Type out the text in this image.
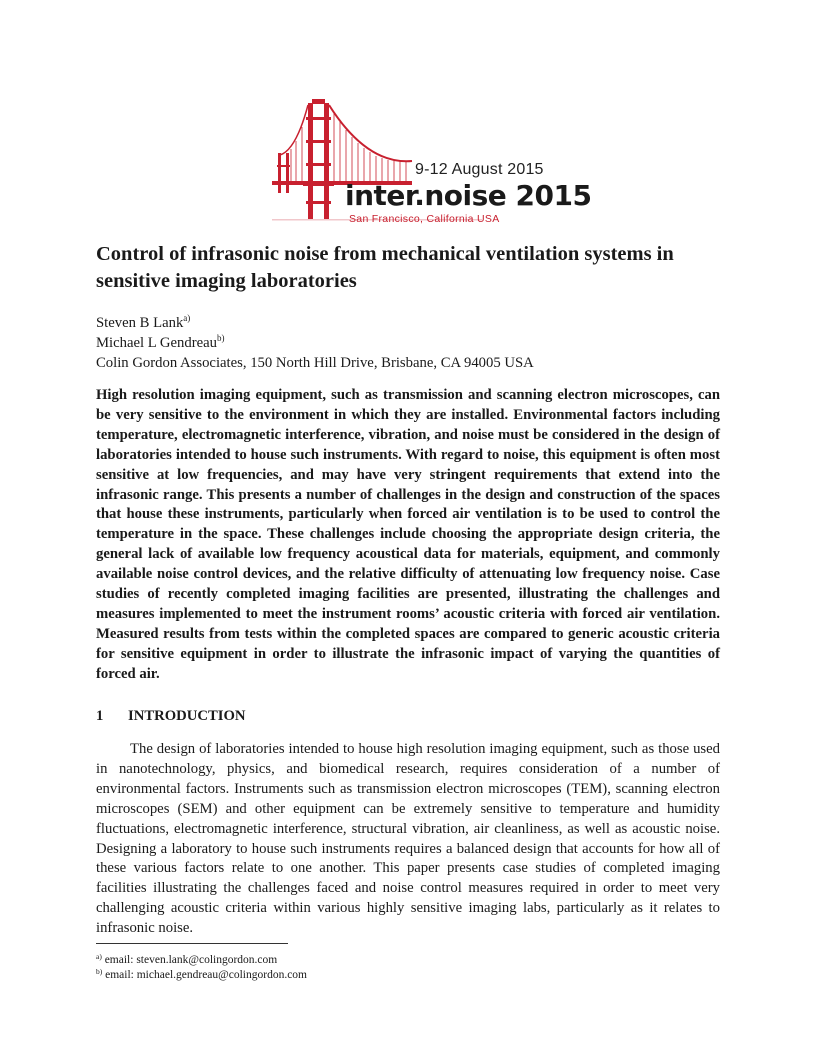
9-12 August 2015
inter.noise 2015
San Francisco, California USA
Control of infrasonic noise from mechanical ventilation systems in sensitive imaging laboratories
Steven B Lank$^{a)}$
Michael L Gendreau$^{b)}$
Colin Gordon Associates, 150 North Hill Drive, Brisbane, CA 94005 USA

High resolution imaging equipment, such as transmission and scanning electron microscopes, can be very sensitive to the environment in which they are installed. Environmental factors including temperature, electromagnetic interference, vibration, and noise must be considered in the design of laboratories intended to house such instruments. With regard to noise, this equipment is often most sensitive at low frequencies, and may have very stringent requirements that extend into the infrasonic range. This presents a number of challenges in the design and construction of the spaces that house these instruments, particularly when forced air ventilation is to be used to control the temperature in the space. These challenges include choosing the appropriate design criteria, the general lack of available low frequency acoustical data for materials, equipment, and commonly available noise control devices, and the relative difficulty of attenuating low frequency noise. Case studies of recently completed imaging facilities are presented, illustrating the challenges and measures implemented to meet the instrument rooms’ acoustic criteria with forced air ventilation. Measured results from tests within the completed spaces are compared to generic acoustic criteria for sensitive equipment in order to illustrate the infrasonic impact of varying the quantities of forced air.

1 INTRODUCTION

The design of laboratories intended to house high resolution imaging equipment, such as those used in nanotechnology, physics, and biomedical research, requires consideration of a number of environmental factors. Instruments such as transmission electron microscopes (TEM), scanning electron microscopes (SEM) and other equipment can be extremely sensitive to temperature and humidity fluctuations, electromagnetic interference, structural vibration, air cleanliness, as well as acoustic noise. Designing a laboratory to house such instruments requires a balanced design that accounts for how all of these various factors relate to one another. This paper presents case studies of completed imaging facilities illustrating the challenges faced and noise control measures required in order to meet very challenging acoustic criteria within various highly sensitive imaging labs, particularly as it relates to infrasonic noise.

$^{a)}$ email: steven.lank@colingordon.com
$^{b)}$ email: michael.gendreau@colingordon.com
